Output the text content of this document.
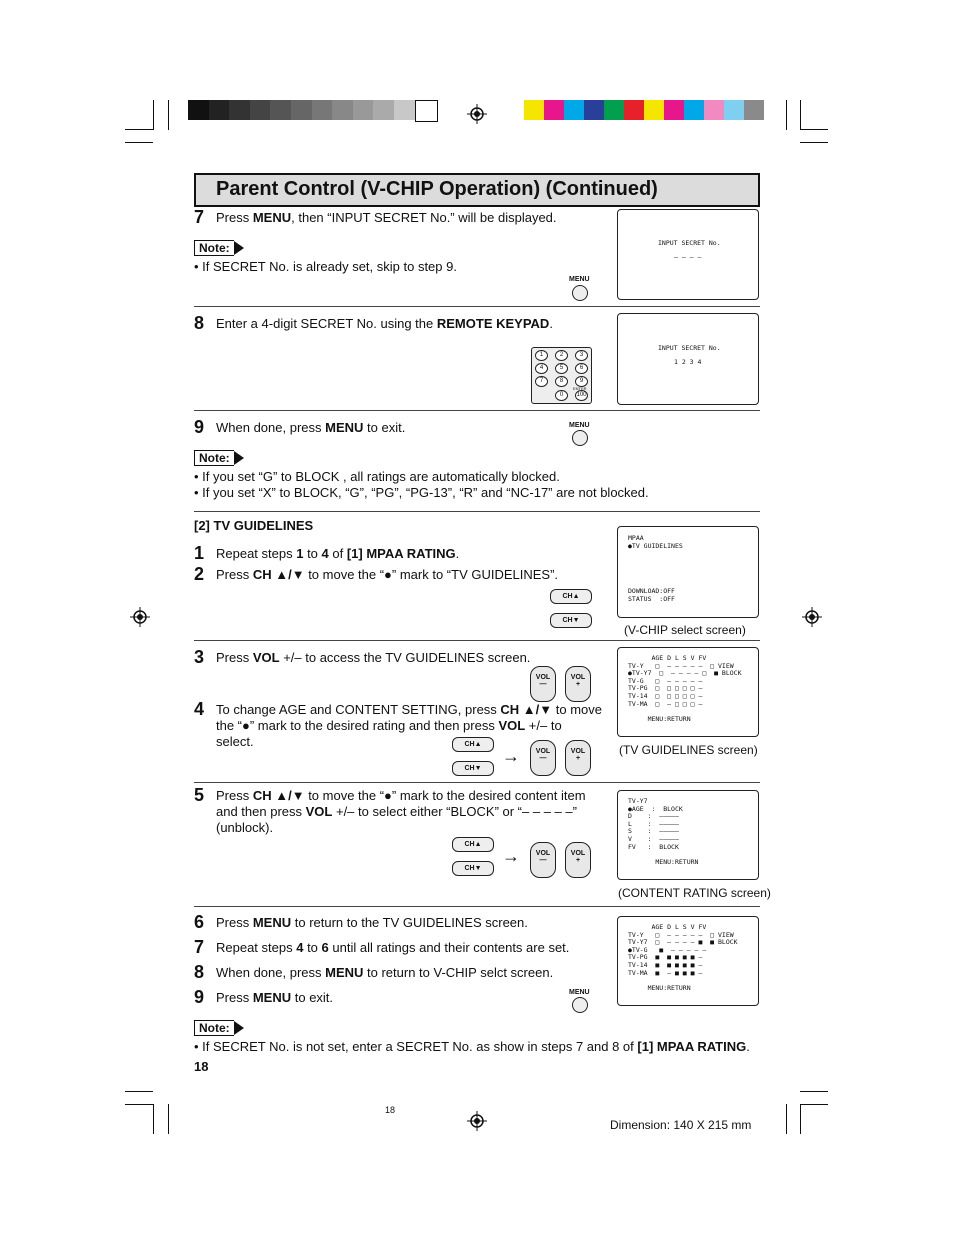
Parent Control (V-CHIP Operation) (Continued)
7 Press MENU, then “INPUT SECRET No.” will be displayed.
Note:
• If SECRET No. is already set, skip to step 9.
INPUT SECRET No.
– – – –
MENU
8 Enter a 4-digit SECRET No. using the REMOTE KEYPAD.
1	2	3
4	5	6
7	8	9
0	100
ENTER
INPUT SECRET No.
1 2 3 4
9 When done, press MENU to exit.	MENU
Note:
• If you set “G” to BLOCK , all ratings are automatically blocked.
• If you set “X” to BLOCK, “G”, “PG”, “PG-13”, “R” and “NC-17” are not blocked.
[2] TV GUIDELINES
1 Repeat steps 1 to 4 of [1] MPAA RATING.
2 Press CH ▲/▼ to move the “●” mark to “TV GUIDELINES”.
CH▲
CH▼
MPAA
●TV GUIDELINES
DOWNLOAD:OFF
STATUS  :OFF
(V-CHIP select screen)
3 Press VOL +/– to access the TV GUIDELINES screen.
VOL
—
VOL
+
4 To change AGE and CONTENT SETTING, press CH ▲/▼ to move
the “●” mark to the desired rating and then press VOL +/– to
select.	CH▲
CH▼
→	VOL
—
VOL
+
AGE D L S V FV
TV-Y   □  – – – – –  □ VIEW
●TV-Y7  □  – – – – □  ■ BLOCK
TV-G   □  – – – – –
TV-PG  □  □ □ □ □ –
TV-14  □  □ □ □ □ –
TV-MA  □  – □ □ □ –
MENU:RETURN
(TV GUIDELINES screen)
5 Press CH ▲/▼ to move the “●” mark to the desired content item
and then press VOL +/– to select either “BLOCK” or “– – – – –”
(unblock).
CH▲
CH▼
→	VOL
—
VOL
+
TV-Y7
●AGE  :  BLOCK
D    :  –––––
L    :  –––––
S    :  –––––
V    :  –––––
FV   :  BLOCK
MENU:RETURN
(CONTENT RATING screen)
6 Press MENU to return to the TV GUIDELINES screen.
7 Repeat steps 4 to 6 until all ratings and their contents are set.
8 When done, press MENU to return to V-CHIP selct screen.
9 Press MENU to exit.	MENU
AGE D L S V FV
TV-Y   □  – – – – –  □ VIEW
TV-Y7  □  – – – – ■  ■ BLOCK
●TV-G   ■  – – – – –
TV-PG  ■  ■ ■ ■ ■ –
TV-14  ■  ■ ■ ■ ■ –
TV-MA  ■  – ■ ■ ■ –
MENU:RETURN
Note:
• If SECRET No. is not set, enter a SECRET No. as show in steps 7 and 8 of [1] MPAA RATING.
18
18
Dimension: 140 X 215 mm
